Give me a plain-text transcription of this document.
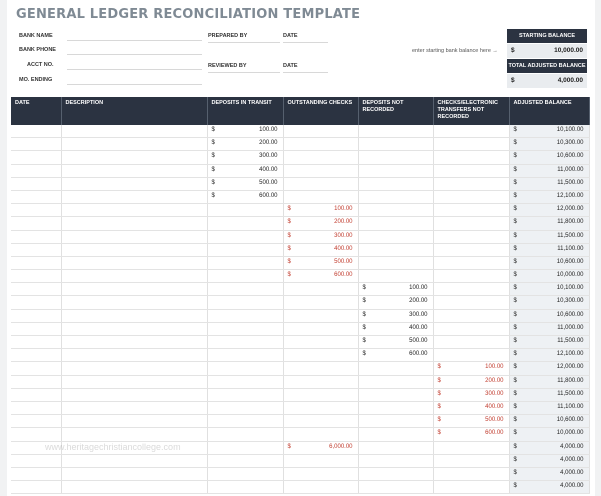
GENERAL LEDGER RECONCILIATION TEMPLATE
BANK NAME
BANK PHONE
ACCT NO.
MO. ENDING
PREPARED BY	DATE
REVIEWED BY	DATE
STARTING BALANCE
enter starting bank balance here → $	10,000.00
TOTAL ADJUSTED BALANCE
$	4,000.00
DATE	DESCRIPTION	DEPOSITS IN TRANSIT	OUTSTANDING CHECKS	DEPOSITS NOT RECORDED	CHECKS/ELECTRONIC TRANSFERS NOT RECORDED	ADJUSTED BALANCE

		$ 100.00				$ 10,100.00

		$ 200.00				$ 10,300.00

		$ 300.00				$ 10,600.00

		$ 400.00				$ 11,000.00

		$ 500.00				$ 11,500.00

		$ 600.00				$ 12,100.00

			$ 100.00			$ 12,000.00

			$ 200.00			$ 11,800.00

			$ 300.00			$ 11,500.00

			$ 400.00			$ 11,100.00

			$ 500.00			$ 10,600.00

			$ 600.00			$ 10,000.00

				$ 100.00		$ 10,100.00

				$ 200.00		$ 10,300.00

				$ 300.00		$ 10,600.00

				$ 400.00		$ 11,000.00

				$ 500.00		$ 11,500.00

				$ 600.00		$ 12,100.00

					$ 100.00	$ 12,000.00

					$ 200.00	$ 11,800.00

					$ 300.00	$ 11,500.00

					$ 400.00	$ 11,100.00

					$ 500.00	$ 10,600.00

					$ 600.00	$ 10,000.00

			$ 6,000.00			$ 4,000.00

						$ 4,000.00

						$ 4,000.00

						$ 4,000.00
www.heritagechristiancollege.com
